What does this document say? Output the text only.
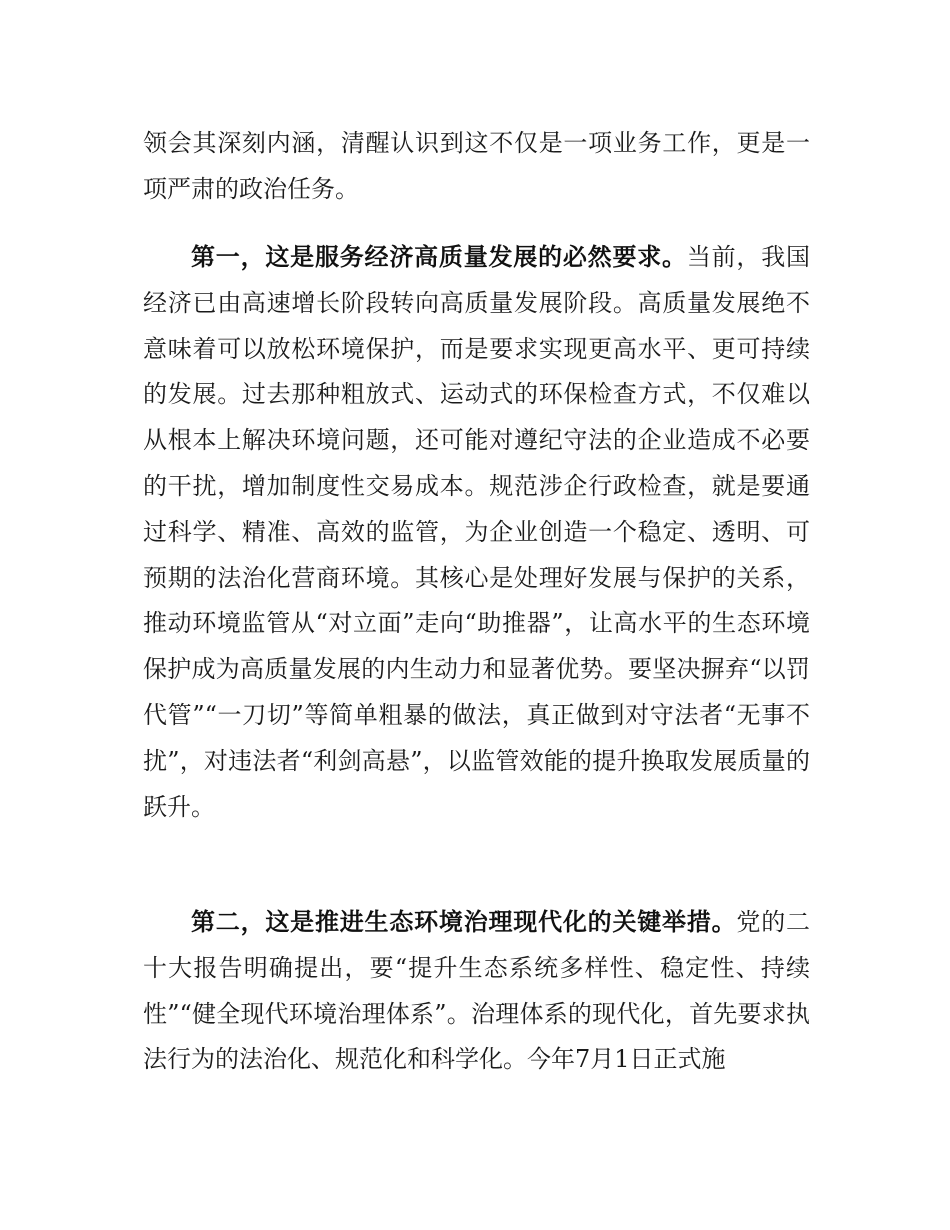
领会其深刻内涵，清醒认识到这不仅是一项业务工作，更是一项严肃的政治任务。

第一，这是服务经济高质量发展的必然要求。当前，我国经济已由高速增长阶段转向高质量发展阶段。高质量发展绝不意味着可以放松环境保护，而是要求实现更高水平、更可持续的发展。过去那种粗放式、运动式的环保检查方式，不仅难以从根本上解决环境问题，还可能对遵纪守法的企业造成不必要的干扰，增加制度性交易成本。规范涉企行政检查，就是要通过科学、精准、高效的监管，为企业创造一个稳定、透明、可预期的法治化营商环境。其核心是处理好发展与保护的关系，推动环境监管从“对立面”走向“助推器”，让高水平的生态环境保护成为高质量发展的内生动力和显著优势。要坚决摒弃“以罚代管”“一刀切”等简单粗暴的做法，真正做到对守法者“无事不扰”，对违法者“利剑高悬”，以监管效能的提升换取发展质量的跃升。

第二，这是推进生态环境治理现代化的关键举措。党的二十大报告明确提出，要“提升生态系统多样性、稳定性、持续性”“健全现代环境治理体系”。治理体系的现代化，首先要求执法行为的法治化、规范化和科学化。今年7月1日正式施
